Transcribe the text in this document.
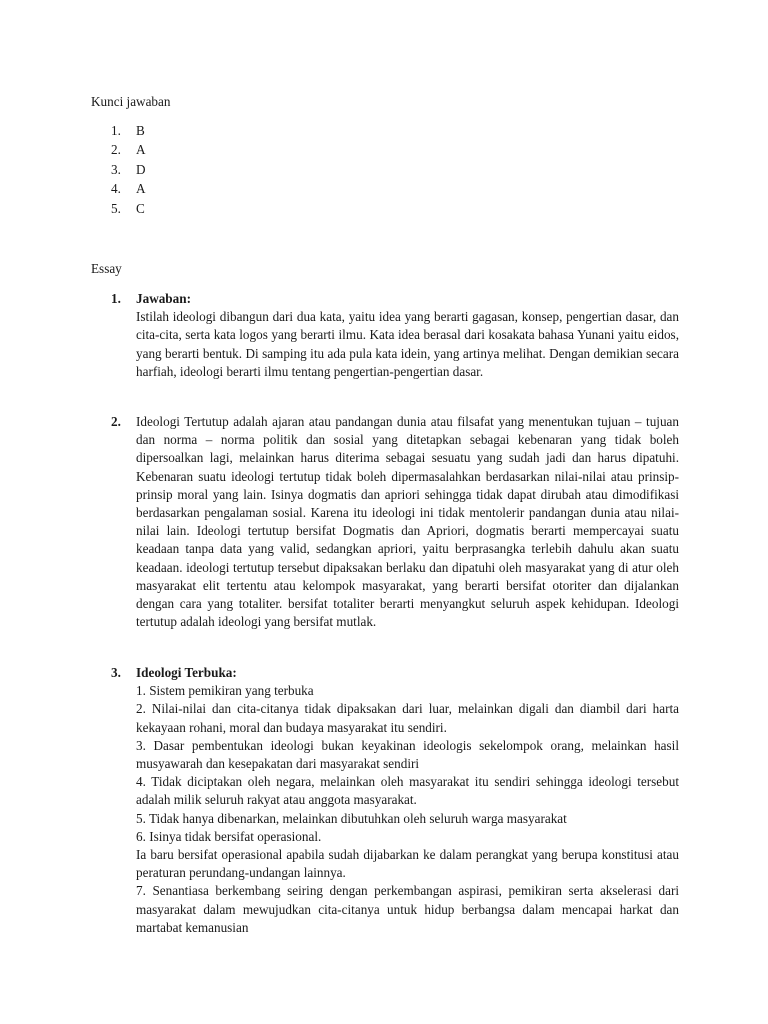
Kunci jawaban
1.	B
2.	A
3.	D
4.	A
5.	C
Essay
1.	Jawaban:

Istilah ideologi dibangun dari dua kata, yaitu idea yang berarti gagasan, konsep, pengertian dasar, dan cita-cita, serta kata logos yang berarti ilmu. Kata idea berasal dari kosakata bahasa Yunani yaitu eidos, yang berarti bentuk. Di samping itu ada pula kata idein, yang artinya melihat. Dengan demikian secara harfiah, ideologi berarti ilmu tentang pengertian-pengertian dasar.

2.	Ideologi Tertutup adalah ajaran atau pandangan dunia atau filsafat yang menentukan tujuan – tujuan dan norma – norma politik dan sosial yang ditetapkan sebagai kebenaran yang tidak boleh dipersoalkan lagi, melainkan harus diterima sebagai sesuatu yang sudah jadi dan harus dipatuhi. Kebenaran suatu ideologi tertutup tidak boleh dipermasalahkan berdasarkan nilai-nilai atau prinsip-prinsip moral yang lain. Isinya dogmatis dan apriori sehingga tidak dapat dirubah atau dimodifikasi berdasarkan pengalaman sosial. Karena itu ideologi ini tidak mentolerir pandangan dunia atau nilai-nilai lain. Ideologi tertutup bersifat Dogmatis dan Apriori, dogmatis berarti mempercayai suatu keadaan tanpa data yang valid, sedangkan apriori, yaitu berprasangka terlebih dahulu akan suatu keadaan. ideologi tertutup tersebut dipaksakan berlaku dan dipatuhi oleh masyarakat yang di atur oleh masyarakat elit tertentu atau kelompok masyarakat, yang berarti bersifat otoriter dan dijalankan dengan cara yang totaliter. bersifat totaliter berarti menyangkut seluruh aspek kehidupan. Ideologi tertutup adalah ideologi yang bersifat mutlak.

3.	Ideologi Terbuka:

1. Sistem pemikiran yang terbuka

2. Nilai-nilai dan cita-citanya tidak dipaksakan dari luar, melainkan digali dan diambil dari harta kekayaan rohani, moral dan budaya masyarakat itu sendiri.

3. Dasar pembentukan ideologi bukan keyakinan ideologis sekelompok orang, melainkan hasil musyawarah dan kesepakatan dari masyarakat sendiri

4. Tidak diciptakan oleh negara, melainkan oleh masyarakat itu sendiri sehingga ideologi tersebut adalah milik seluruh rakyat atau anggota masyarakat.

5. Tidak hanya dibenarkan, melainkan dibutuhkan oleh seluruh warga masyarakat

6. Isinya tidak bersifat operasional.

Ia baru bersifat operasional apabila sudah dijabarkan ke dalam perangkat yang berupa konstitusi atau peraturan perundang-undangan lainnya.

7. Senantiasa berkembang seiring dengan perkembangan aspirasi, pemikiran serta akselerasi dari masyarakat dalam mewujudkan cita-citanya untuk hidup berbangsa dalam mencapai harkat dan martabat kemanusian
